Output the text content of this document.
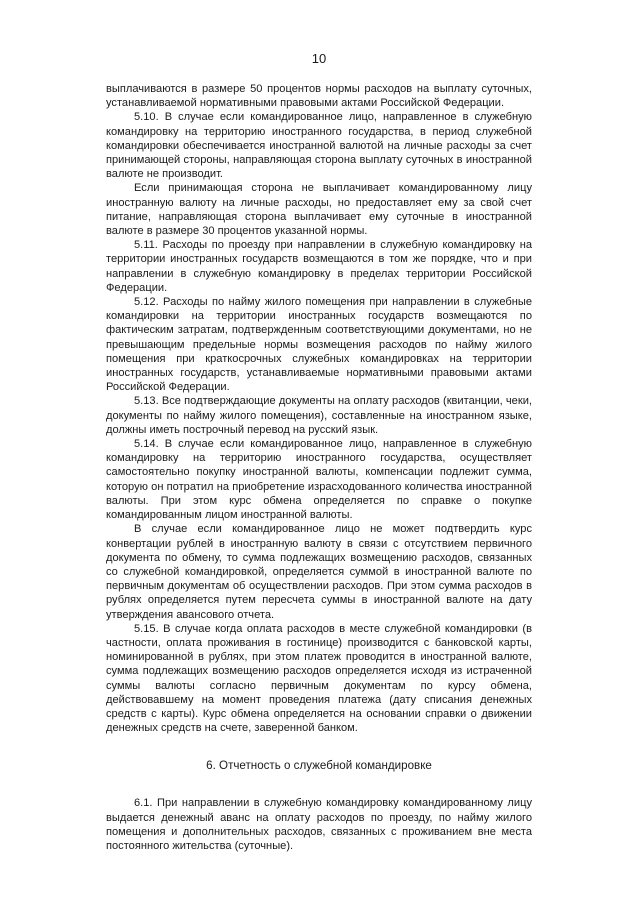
10

выплачиваются в размере 50 процентов нормы расходов на выплату суточных, устанавливаемой нормативными правовыми актами Российской Федерации.

5.10. В случае если командированное лицо, направленное в служебную командировку на территорию иностранного государства, в период служебной командировки обеспечивается иностранной валютой на личные расходы за счет принимающей стороны, направляющая сторона выплату суточных в иностранной валюте не производит.

Если принимающая сторона не выплачивает командированному лицу иностранную валюту на личные расходы, но предоставляет ему за свой счет питание, направляющая сторона выплачивает ему суточные в иностранной валюте в размере 30 процентов указанной нормы.

5.11. Расходы по проезду при направлении в служебную командировку на территории иностранных государств возмещаются в том же порядке, что и при направлении в служебную командировку в пределах территории Российской Федерации.

5.12. Расходы по найму жилого помещения при направлении в служебные командировки на территории иностранных государств возмещаются по фактическим затратам, подтвержденным соответствующими документами, но не превышающим предельные нормы возмещения расходов по найму жилого помещения при краткосрочных служебных командировках на территории иностранных государств, устанавливаемые нормативными правовыми актами Российской Федерации.

5.13. Все подтверждающие документы на оплату расходов (квитанции, чеки, документы по найму жилого помещения), составленные на иностранном языке, должны иметь построчный перевод на русский язык.

5.14. В случае если командированное лицо, направленное в служебную командировку на территорию иностранного государства, осуществляет самостоятельно покупку иностранной валюты, компенсации подлежит сумма, которую он потратил на приобретение израсходованного количества иностранной валюты. При этом курс обмена определяется по справке о покупке командированным лицом иностранной валюты.

В случае если командированное лицо не может подтвердить курс конвертации рублей в иностранную валюту в связи с отсутствием первичного документа по обмену, то сумма подлежащих возмещению расходов, связанных со служебной командировкой, определяется суммой в иностранной валюте по первичным документам об осуществлении расходов. При этом сумма расходов в рублях определяется путем пересчета суммы в иностранной валюте на дату утверждения авансового отчета.

5.15. В случае когда оплата расходов в месте служебной командировки (в частности, оплата проживания в гостинице) производится с банковской карты, номинированной в рублях, при этом платеж проводится в иностранной валюте, сумма подлежащих возмещению расходов определяется исходя из истраченной суммы валюты согласно первичным документам по курсу обмена, действовавшему на момент проведения платежа (дату списания денежных средств с карты). Курс обмена определяется на основании справки о движении денежных средств на счете, заверенной банком.

6. Отчетность о служебной командировке

6.1. При направлении в служебную командировку командированному лицу выдается денежный аванс на оплату расходов по проезду, по найму жилого помещения и дополнительных расходов, связанных с проживанием вне места постоянного жительства (суточные).
